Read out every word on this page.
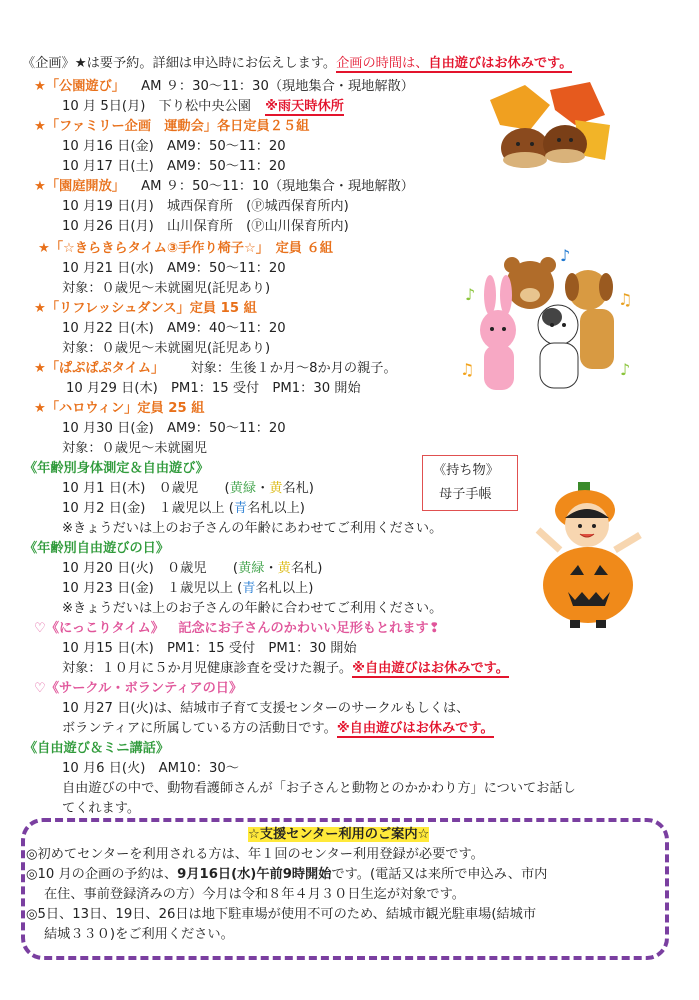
《企画》★は要予約。詳細は申込時にお伝えします。企画の時間は、自由遊びはお休みです。
★「公園遊び」 AM ９：30〜11：30（現地集合・現地解散）
10 月 5日(月)　下り松中央公園 ※雨天時休所
★「ファミリー企画　運動会」各日定員２５組
10 月16 日(金)　AM9：50〜11：20
10 月17 日(土)　AM9：50〜11：20
★「園庭開放」 AM ９：50〜11：10（現地集合・現地解散）
10 月19 日(月)　城西保育所　(Ⓟ城西保育所内)
10 月26 日(月)　山川保育所　(Ⓟ山川保育所内)
★「☆きらきらタイム③手作り椅子☆」　定員 ６組
10 月21 日(水)　AM9：50〜11：20
対象：０歳児〜未就園児(託児あり)
★「リフレッシュダンス」定員 15 組
10 月22 日(木)　AM9：40〜11：20
対象：０歳児〜未就園児(託児あり)
★「ぱぷぱぷタイム」 対象：生後１か月〜8か月の親子。
10 月29 日(木)　PM1：15 受付　PM1：30 開始
★「ハロウィン」定員 25 組
10 月30 日(金)　AM9：50〜11：20
対象：０歳児〜未就園児
《年齢別身体測定＆自由遊び》
10 月1 日(木)　０歳児　　(黄緑・黄名札)
10 月2 日(金)　１歳児以上 (青名札以上)
※きょうだいは上のお子さんの年齢にあわせてご利用ください。
《持ち物》
母子手帳
《年齢別自由遊びの日》
10 月20 日(火)　０歳児　　(黄緑・黄名札)
10 月23 日(金)　１歳児以上 (青名札以上)
※きょうだいは上のお子さんの年齢に合わせてご利用ください。
♡《にっこりタイム》 記念にお子さんのかわいい足形もとれます❢
10 月15 日(木)　PM1：15 受付　PM1：30 開始
対象：１０月に５か月児健康診査を受けた親子。※自由遊びはお休みです。
♡《サークル・ボランティアの日》
10 月27 日(火)は、結城市子育て支援センターのサークルもしくは、
ボランティアに所属している方の活動日です。※自由遊びはお休みです。
《自由遊び＆ミニ講話》
10 月6 日(火)　AM10：30〜
自由遊びの中で、動物看護師さんが「お子さんと動物とのかかわり方」についてお話し
てくれます。
☆支援センター利用のご案内☆
◎初めてセンターを利用される方は、年１回のセンター利用登録が必要です。
◎10 月の企画の予約は、9月16日(水)午前9時開始です。(電話又は来所で申込み、市内
在住、事前登録済みの方）今月は令和８年４月３０日生迄が対象です。
◎5日、13日、19日、26日は地下駐車場が使用不可のため、結城市観光駐車場(結城市
結城３３０)をご利用ください。
♪
♫
♪
♪
♫
